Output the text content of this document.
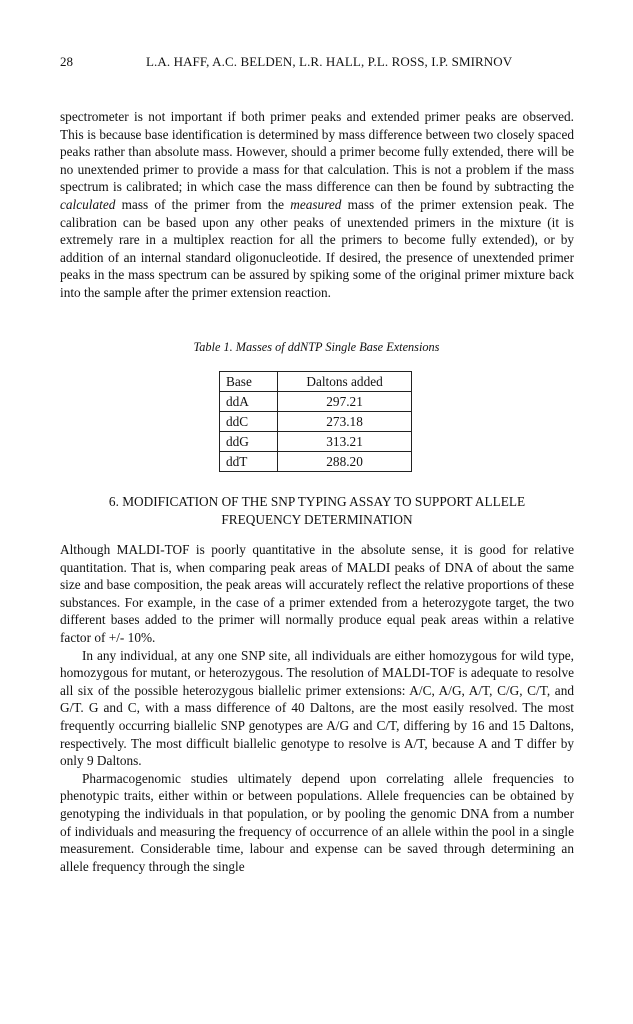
28	L.A. HAFF, A.C. BELDEN, L.R. HALL, P.L. ROSS, I.P. SMIRNOV

spectrometer is not important if both primer peaks and extended primer peaks are observed. This is because base identification is determined by mass difference between two closely spaced peaks rather than absolute mass. However, should a primer become fully extended, there will be no unextended primer to provide a mass for that calculation. This is not a problem if the mass spectrum is calibrated; in which case the mass difference can then be found by subtracting the calculated mass of the primer from the measured mass of the primer extension peak. The calibration can be based upon any other peaks of unextended primers in the mixture (it is extremely rare in a multiplex reaction for all the primers to become fully extended), or by addition of an internal standard oligonucleotide. If desired, the presence of unextended primer peaks in the mass spectrum can be assured by spiking some of the original primer mixture back into the sample after the primer extension reaction.

Table 1. Masses of ddNTP Single Base Extensions
Base	Daltons added
ddA	297.21
ddC	273.18
ddG	313.21
ddT	288.20
6. MODIFICATION OF THE SNP TYPING ASSAY TO SUPPORT ALLELE
FREQUENCY DETERMINATION

Although MALDI-TOF is poorly quantitative in the absolute sense, it is good for relative quantitation. That is, when comparing peak areas of MALDI peaks of DNA of about the same size and base composition, the peak areas will accurately reflect the relative proportions of these substances. For example, in the case of a primer extended from a heterozygote target, the two different bases added to the primer will normally produce equal peak areas within a relative factor of +/- 10%.

In any individual, at any one SNP site, all individuals are either homozygous for wild type, homozygous for mutant, or heterozygous. The resolution of MALDI-TOF is adequate to resolve all six of the possible heterozygous biallelic primer extensions: A/C, A/G, A/T, C/G, C/T, and G/T. G and C, with a mass difference of 40 Daltons, are the most easily resolved. The most frequently occurring biallelic SNP genotypes are A/G and C/T, differing by 16 and 15 Daltons, respectively. The most difficult biallelic genotype to resolve is A/T, because A and T differ by only 9 Daltons.

Pharmacogenomic studies ultimately depend upon correlating allele frequencies to phenotypic traits, either within or between populations. Allele frequencies can be obtained by genotyping the individuals in that population, or by pooling the genomic DNA from a number of individuals and measuring the frequency of occurrence of an allele within the pool in a single measurement. Considerable time, labour and expense can be saved through determining an allele frequency through the single
